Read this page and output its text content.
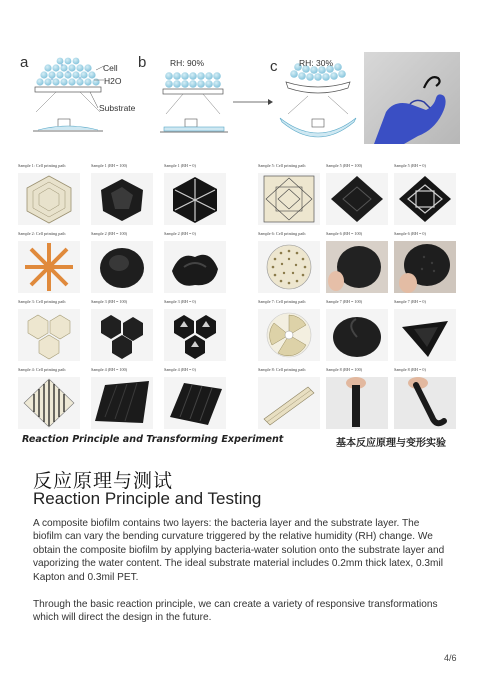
a	b	c
Cell
H2O
Substrate
RH: 90%	RH: 30%
Sample 1: Cell printing path	Sample 1 (RH = 100)	Sample 1 (RH = 0)
Sample 2: Cell printing path	Sample 2 (RH = 100)	Sample 2 (RH = 0)
Sample 3: Cell printing path	Sample 3 (RH = 100)	Sample 3 (RH = 0)
Sample 4: Cell printing path	Sample 4 (RH = 100)	Sample 4 (RH = 0)
Sample 5: Cell printing path	Sample 5 (RH = 100)	Sample 5 (RH = 0)
Sample 6: Cell printing path	Sample 6 (RH = 100)	Sample 6 (RH = 0)
Sample 7: Cell printing path	Sample 7 (RH = 100)	Sample 7 (RH = 0)
Sample 8: Cell printing path	Sample 8 (RH = 100)	Sample 8 (RH = 0)
Reaction Principle and Transforming Experiment	基本反应原理与变形实验
反应原理与测试
Reaction Principle and Testing
A composite biofilm contains two layers: the bacteria layer and the substrate layer. The biofilm can vary the bending curvature triggered by the relative humidity (RH) change. We obtain the composite biofilm by applying bacteria-water solution onto the substrate layer and vaporizing the water content. The ideal substrate material includes 0.2mm thick latex, 0.3mil Kapton and 0.3mil PET.
Through the basic reaction principle, we can create a variety of responsive transformations which will direct the design in the future.
4/6
